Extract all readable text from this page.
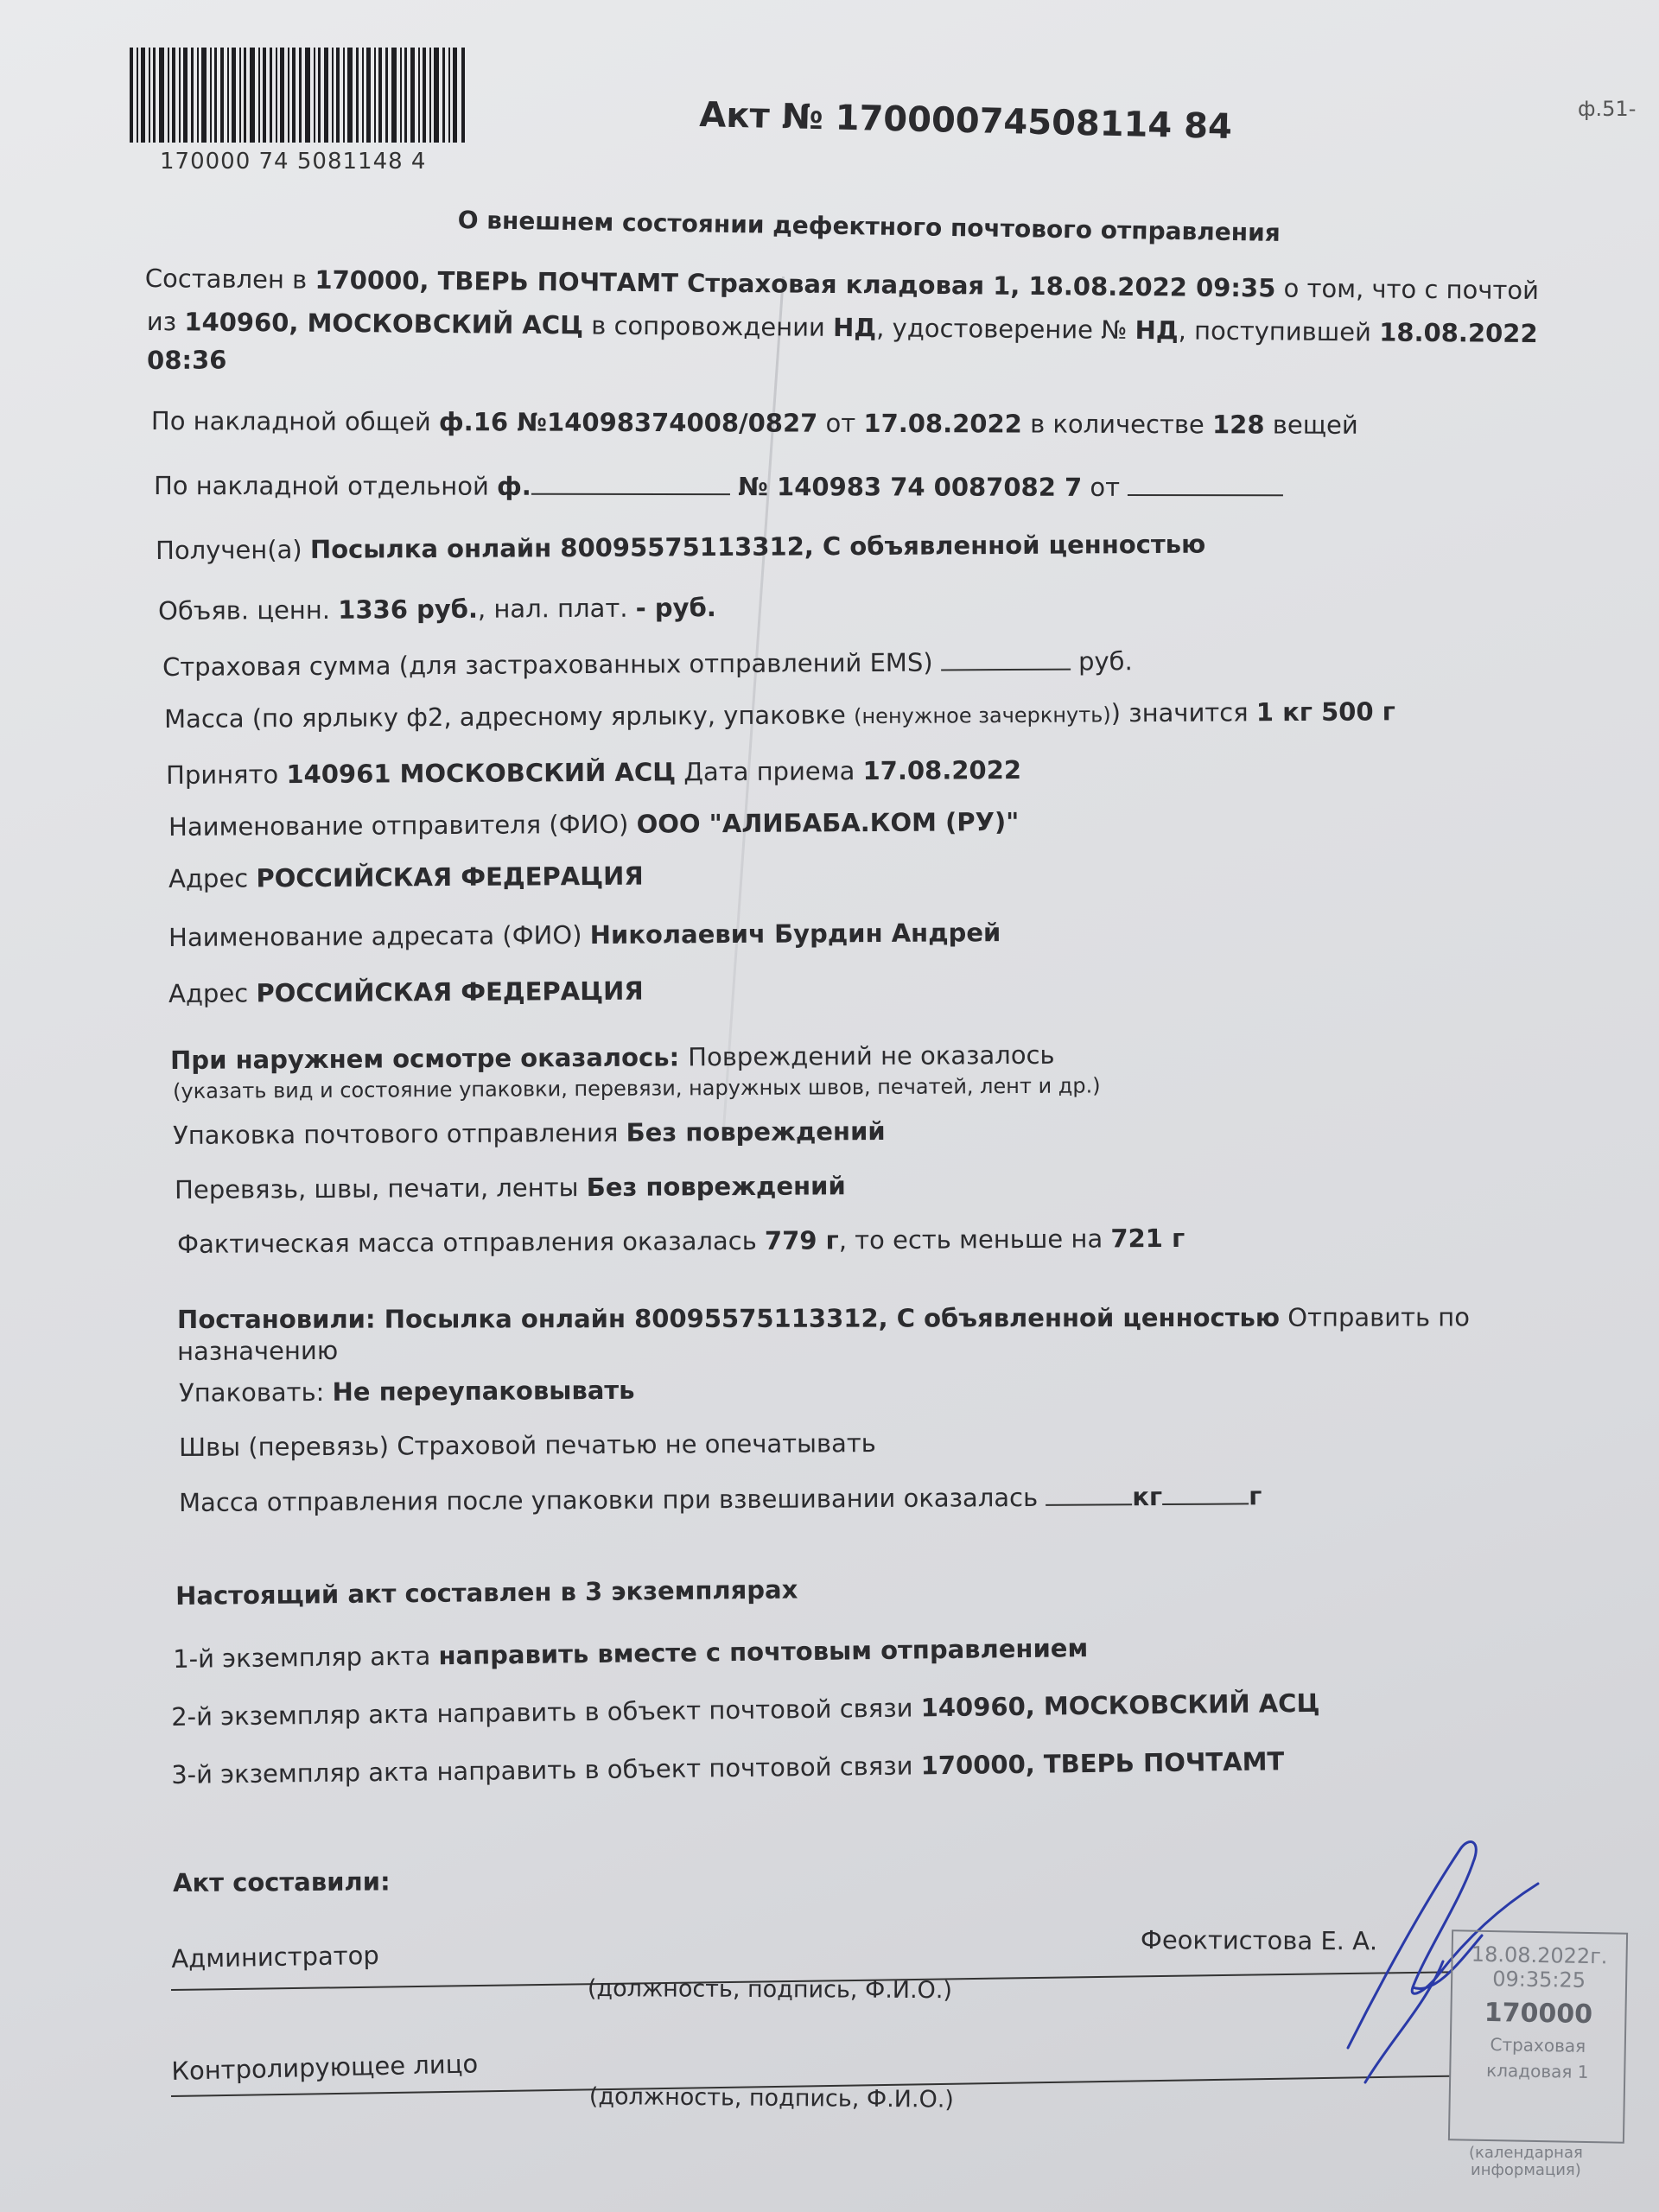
170000 74 5081148 4
ф.51-
Акт № 17000074508114 84
О внешнем состоянии дефектного почтового отправления
Составлен в 170000, ТВЕРЬ ПОЧТАМТ Страховая кладовая 1, 18.08.2022 09:35 о том, что с почтой
из 140960, МОСКОВСКИЙ АСЦ в сопровождении НД, удостоверение № НД, поступившей 18.08.2022
08:36
По накладной общей ф.16 №14098374008/0827 от 17.08.2022 в количестве 128 вещей
По накладной отдельной ф.	№ 140983 74 0087082 7 от
Получен(а) Посылка онлайн 80095575113312, С объявленной ценностью
Объяв. ценн. 1336 руб., нал. плат. - руб.
Страховая сумма (для застрахованных отправлений EMS)	руб.
Масса (по ярлыку ф2, адресному ярлыку, упаковке (ненужное зачеркнуть)) значится 1 кг 500 г
Принято 140961 МОСКОВСКИЙ АСЦ Дата приема 17.08.2022
Наименование отправителя (ФИО) ООО "АЛИБАБА.КОМ (РУ)"
Адрес РОССИЙСКАЯ ФЕДЕРАЦИЯ
Наименование адресата (ФИО) Николаевич Бурдин Андрей
Адрес РОССИЙСКАЯ ФЕДЕРАЦИЯ
При наружнем осмотре оказалось: Повреждений не оказалось
(указать вид и состояние упаковки, перевязи, наружных швов, печатей, лент и др.)
Упаковка почтового отправления Без повреждений
Перевязь, швы, печати, ленты Без повреждений
Фактическая масса отправления оказалась 779 г, то есть меньше на 721 г
Постановили: Посылка онлайн 80095575113312, С объявленной ценностью Отправить по
назначению
Упаковать: Не переупаковывать
Швы (перевязь) Страховой печатью не опечатывать
Масса отправления после упаковки при взвешивании оказалась	кг	г
Настоящий акт составлен в 3 экземплярах
1-й экземпляр акта направить вместе с почтовым отправлением
2-й экземпляр акта направить в объект почтовой связи 140960, МОСКОВСКИЙ АСЦ
3-й экземпляр акта направить в объект почтовой связи 170000, ТВЕРЬ ПОЧТАМТ
Акт составили:
Администратор
Феоктистова Е. А.
(должность, подпись, Ф.И.О.)
Контролирующее лицо
(должность, подпись, Ф.И.О.)
18.08.2022г.
09:35:25
170000
Страховая
кладовая 1
(календарная
информация)
